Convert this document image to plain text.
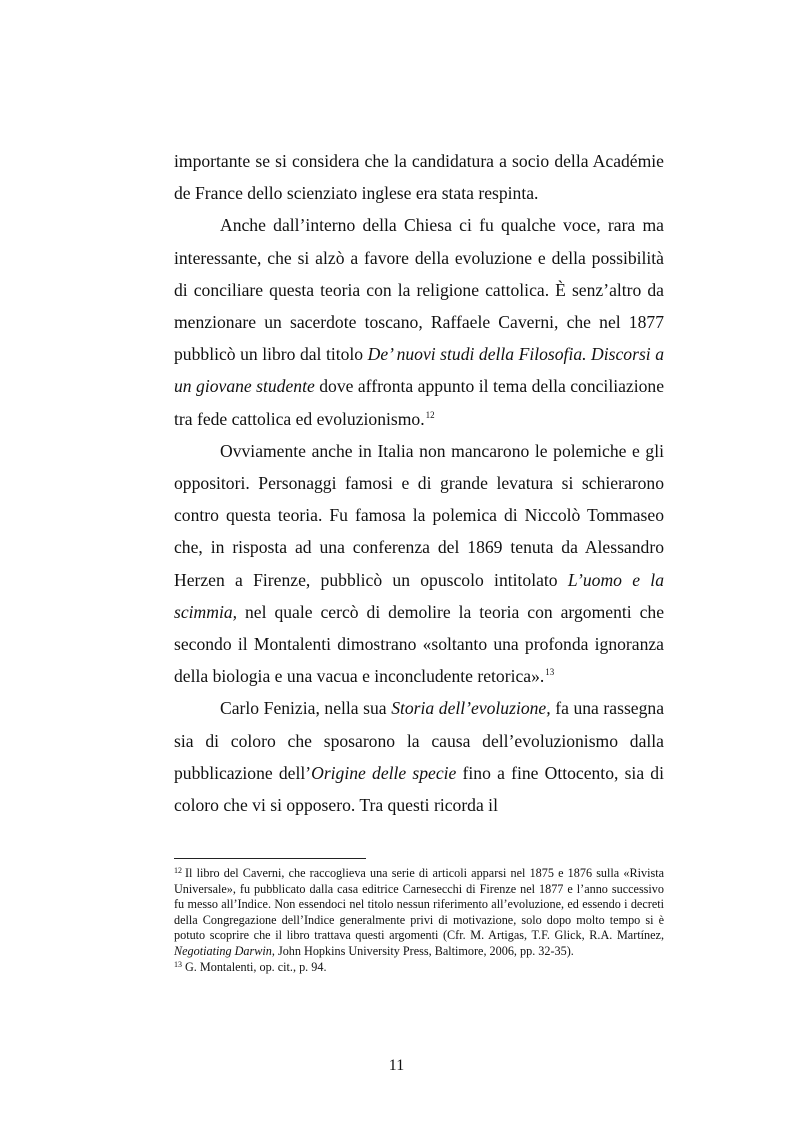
importante se si considera che la candidatura a socio della Académie de France dello scienziato inglese era stata respinta.

Anche dall’interno della Chiesa ci fu qualche voce, rara ma interessante, che si alzò a favore della evoluzione e della possibilità di conciliare questa teoria con la religione cattolica. È senz’altro da menzionare un sacerdote toscano, Raffaele Caverni, che nel 1877 pubblicò un libro dal titolo De’ nuovi studi della Filosofia. Discorsi a un giovane studente dove affronta appunto il tema della conciliazione tra fede cattolica ed evoluzionismo.$^{12}$

Ovviamente anche in Italia non mancarono le polemiche e gli oppositori. Personaggi famosi e di grande levatura si schierarono contro questa teoria. Fu famosa la polemica di Niccolò Tommaseo che, in risposta ad una conferenza del 1869 tenuta da Alessandro Herzen a Firenze, pubblicò un opuscolo intitolato L’uomo e la scimmia, nel quale cercò di demolire la teoria con argomenti che secondo il Montalenti dimostrano «soltanto una profonda ignoranza della biologia e una vacua e inconcludente retorica».$^{13}$

Carlo Fenizia, nella sua Storia dell’evoluzione, fa una rassegna sia di coloro che sposarono la causa dell’evoluzionismo dalla pubblicazione dell’Origine delle specie fino a fine Ottocento, sia di coloro che vi si opposero. Tra questi ricorda il

$^{12}$ Il libro del Caverni, che raccoglieva una serie di articoli apparsi nel 1875 e 1876 sulla «Rivista Universale», fu pubblicato dalla casa editrice Carnesecchi di Firenze nel 1877 e l’anno successivo fu messo all’Indice. Non essendoci nel titolo nessun riferimento all’evoluzione, ed essendo i decreti della Congregazione dell’Indice generalmente privi di motivazione, solo dopo molto tempo si è potuto scoprire che il libro trattava questi argomenti (Cfr. M. Artigas, T.F. Glick, R.A. Martínez, Negotiating Darwin, John Hopkins University Press, Baltimore, 2006, pp. 32-35).

$^{13}$ G. Montalenti, op. cit., p. 94.

11
